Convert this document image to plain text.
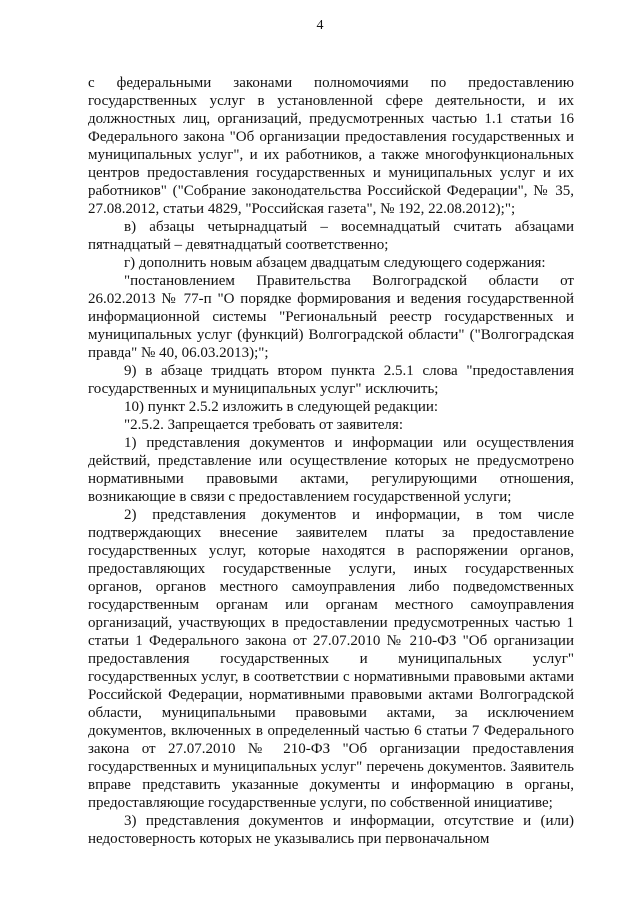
4

с федеральными законами полномочиями по предоставлению государственных услуг в установленной сфере деятельности, и их должностных лиц, организаций, предусмотренных частью 1.1 статьи 16 Федерального закона "Об организации предоставления государственных и муниципальных услуг", и их работников, а также многофункциональных центров предоставления государственных и муниципальных услуг и их работников" ("Собрание законодательства Российской Федерации", № 35, 27.08.2012, статьи 4829, "Российская газета", № 192, 22.08.2012);";

в) абзацы четырнадцатый – восемнадцатый считать абзацами пятнадцатый – девятнадцатый соответственно;

г) дополнить новым абзацем двадцатым следующего содержания:

"постановлением Правительства Волгоградской области от 26.02.2013 № 77-п "О порядке формирования и ведения государственной информационной системы "Региональный реестр государственных и муниципальных услуг (функций) Волгоградской области" ("Волгоградская правда" № 40, 06.03.2013);";

9) в абзаце тридцать втором пункта 2.5.1 слова "предоставления государственных и муниципальных услуг" исключить;

10) пункт 2.5.2 изложить в следующей редакции:

"2.5.2. Запрещается требовать от заявителя:

1) представления документов и информации или осуществления действий, представление или осуществление которых не предусмотрено нормативными правовыми актами, регулирующими отношения, возникающие в связи с предоставлением государственной услуги;

2) представления документов и информации, в том числе подтверждающих внесение заявителем платы за предоставление государственных услуг, которые находятся в распоряжении органов, предоставляющих государственные услуги, иных государственных органов, органов местного самоуправления либо подведомственных государственным органам или органам местного самоуправления организаций, участвующих в предоставлении предусмотренных частью 1 статьи 1 Федерального закона от 27.07.2010 № 210-ФЗ "Об организации предоставления государственных и муниципальных услуг" государственных услуг, в соответствии с нормативными правовыми актами Российской Федерации, нормативными правовыми актами Волгоградской области, муниципальными правовыми актами, за исключением документов, включенных в определенный частью 6 статьи 7 Федерального закона от 27.07.2010 № 210-ФЗ "Об организации предоставления государственных и муниципальных услуг" перечень документов. Заявитель вправе представить указанные документы и информацию в органы, предоставляющие государственные услуги, по собственной инициативе;

3) представления документов и информации, отсутствие и (или) недостоверность которых не указывались при первоначальном
